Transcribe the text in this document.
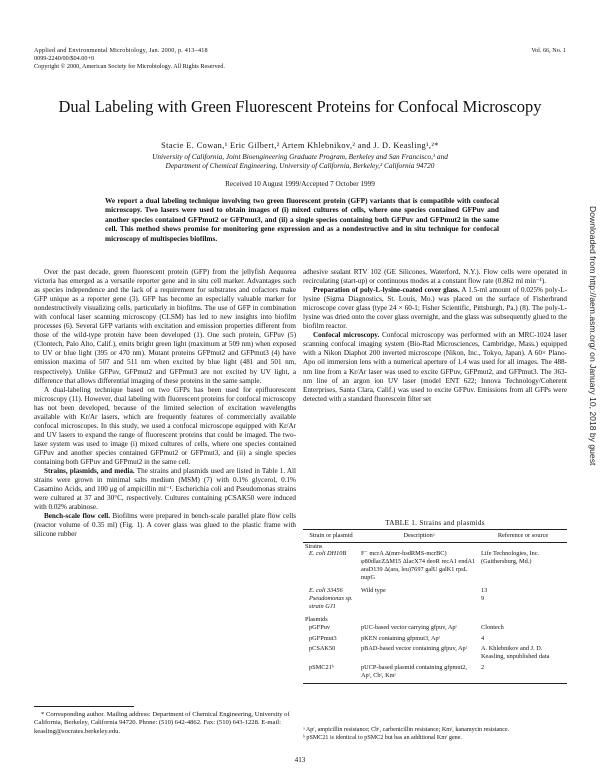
Applied and Environmental Microbiology, Jan. 2000, p. 413–418
0099-2240/00/$04.00+0
Copyright © 2000, American Society for Microbiology. All Rights Reserved.
Vol. 66, No. 1
Dual Labeling with Green Fluorescent Proteins for Confocal Microscopy
Stacie E. Cowan,¹ Eric Gilbert,² Artem Khlebnikov,² and J. D. Keasling¹,²*
University of California, Joint Bioengineering Graduate Program, Berkeley and San Francisco,¹ and
Department of Chemical Engineering, University of California, Berkeley,² California 94720
Received 10 August 1999/Accepted 7 October 1999
We report a dual labeling technique involving two green fluorescent protein (GFP) variants that is compatible with confocal microscopy. Two lasers were used to obtain images of (i) mixed cultures of cells, where one species contained GFPuv and another species contained GFPmut2 or GFPmut3, and (ii) a single species containing both GFPuv and GFPmut2 in the same cell. This method shows promise for monitoring gene expression and as a nondestructive and in situ technique for confocal microscopy of multispecies biofilms.

Over the past decade, green fluorescent protein (GFP) from the jellyfish Aequorea victoria has emerged as a versatile reporter gene and in situ cell marker. Advantages such as species independence and the lack of a requirement for substrates and cofactors make GFP unique as a reporter gene (3). GFP has become an especially valuable marker for nondestructively visualizing cells, particularly in biofilms. The use of GFP in combination with confocal laser scanning microscopy (CLSM) has led to new insights into biofilm processes (6). Several GFP variants with excitation and emission properties different from those of the wild-type protein have been developed (1). One such protein, GFPuv (5) (Clontech, Palo Alto, Calif.), emits bright green light (maximum at 509 nm) when exposed to UV or blue light (395 or 470 nm). Mutant proteins GFPmut2 and GFPmut3 (4) have emission maxima of 507 and 511 nm when excited by blue light (481 and 501 nm, respectively). Unlike GFPuv, GFPmut2 and GFPmut3 are not excited by UV light, a difference that allows differential imaging of these proteins in the same sample.

A dual-labeling technique based on two GFPs has been used for epifluorescent microscopy (11). However, dual labeling with fluorescent proteins for confocal microscopy has not been developed, because of the limited selection of excitation wavelengths available with Kr/Ar lasers, which are frequently features of commercially available confocal microscopes. In this study, we used a confocal microscope equipped with Kr/Ar and UV lasers to expand the range of fluorescent proteins that could be imaged. The two-laser system was used to image (i) mixed cultures of cells, where one species contained GFPuv and another species contained GFPmut2 or GFPmut3, and (ii) a single species containing both GFPuv and GFPmut2 in the same cell.

Strains, plasmids, and media. The strains and plasmids used are listed in Table 1. All strains were grown in minimal salts medium (MSM) (7) with 0.1% glycerol, 0.1% Casamino Acids, and 100 μg of ampicillin ml⁻¹. Escherichia coli and Pseudomonas strains were cultured at 37 and 30°C, respectively. Cultures containing pCSAK50 were induced with 0.02% arabinose.

Bench-scale flow cell. Biofilms were prepared in bench-scale parallel plate flow cells (reactor volume of 0.35 ml) (Fig. 1). A cover glass was glued to the plastic frame with silicone rubber

adhesive sealant RTV 102 (GE Silicones, Waterford, N.Y.). Flow cells were operated in recirculating (start-up) or continuous modes at a constant flow rate (0.862 ml min⁻¹).

Preparation of poly-L-lysine-coated cover glass. A 1.5-ml amount of 0.025% poly-L-lysine (Sigma Diagnostics, St. Louis, Mo.) was placed on the surface of Fisherbrand microscope cover glass (type 24 × 60-1; Fisher Scientific, Pittsburgh, Pa.) (8). The poly-L-lysine was dried onto the cover glass overnight, and the glass was subsequently glued to the biofilm reactor.

Confocal microscopy. Confocal microscopy was performed with an MRC-1024 laser scanning confocal imaging system (Bio-Rad Microsciences, Cambridge, Mass.) equipped with a Nikon Diaphot 200 inverted microscope (Nikon, Inc., Tokyo, Japan). A 60× Plano-Apo oil immersion lens with a numerical aperture of 1.4 was used for all images. The 488-nm line from a Kr/Ar laser was used to excite GFPuv, GFPmut2, and GFPmut3. The 363-nm line of an argon ion UV laser (model ENT 622; Innova Technology/Coherent Enterprises, Santa Clara, Calif.) was used to excite GFPuv. Emissions from all GFPs were detected with a standard fluorescein filter set

TABLE 1. Strains and plasmids
Strain or plasmid	Descriptionᵃ	Reference or source
Strains		
E. coli DH10B	F⁻ mcrA Δ(mrr-hsdRMS-mcrBC) φ80dlacZΔM15 ΔlacX74 deoR recA1 endA1 araD139 Δ(ara, leu)7697 galU galK1 rpsL nupG	Life Technologies, Inc. (Gaithersburg, Md.)
E. coli 33456	Wild type	13
Pseudomonas sp. strain GJ1		9
Plasmids		
pGFPuv	pUC-based vector carrying gfpuv, Apʳ	Clontech
pGFPmut3	pKEN containing gfpmut3, Apʳ	4
pCSAK50	pBAD-based vector containing gfpuv, Apʳ	A. Khlebnikov and J. D. Keasling, unpublished data
pSMC21ᵇ	pUCP-based plasmid containing gfpmut2, Apʳ, Cbʳ, Kmʳ	2
ᵃ Apʳ, ampicillin resistance; Cbʳ, carbenicillin resistance; Kmʳ, kanamycin resistance.
ᵇ pSMC21 is identical to pSMC2 but has an additional Kmʳ gene.
* Corresponding author. Mailing address: Department of Chemical Engineering, University of California, Berkeley, California 94720. Phone: (510) 642-4862. Fax: (510) 643-1228. E-mail: keasling@socrates.berkeley.edu.
413
Downloaded from http://aem.asm.org/ on January 10, 2018 by guest
